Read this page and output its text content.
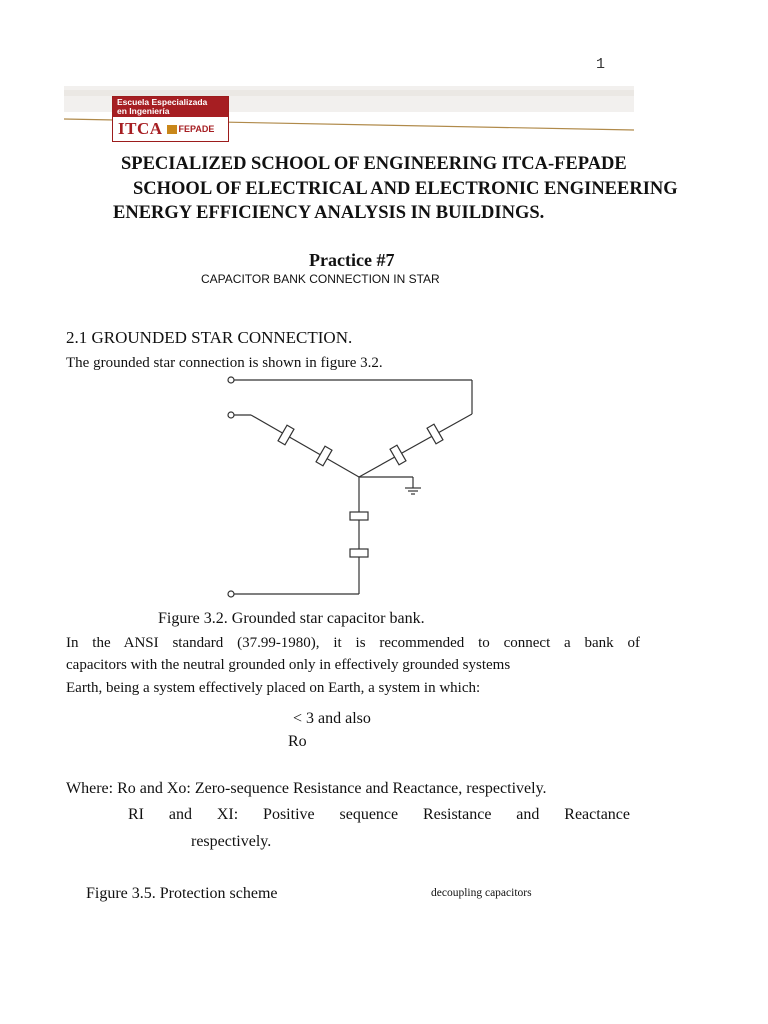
1
Escuela Especializada
en Ingeniería
ITCA FEPADE
SPECIALIZED SCHOOL OF ENGINEERING ITCA-FEPADE
SCHOOL OF ELECTRICAL AND ELECTRONIC ENGINEERING
ENERGY EFFICIENCY ANALYSIS IN BUILDINGS.
Practice #7
CAPACITOR BANK CONNECTION IN STAR
2.1 GROUNDED STAR CONNECTION.
The grounded star connection is shown in figure 3.2.
Figure 3.2. Grounded star capacitor bank.
In the ANSI standard (37.99-1980), it is recommended to connect a bank of
capacitors with the neutral grounded only in effectively grounded systems
Earth, being a system effectively placed on Earth, a system in which:
< 3 and also
Ro
Where: Ro and Xo: Zero-sequence Resistance and Reactance, respectively.
RI and XI: Positive sequence Resistance and Reactance
respectively.
Figure 3.5. Protection scheme	decoupling capacitors
